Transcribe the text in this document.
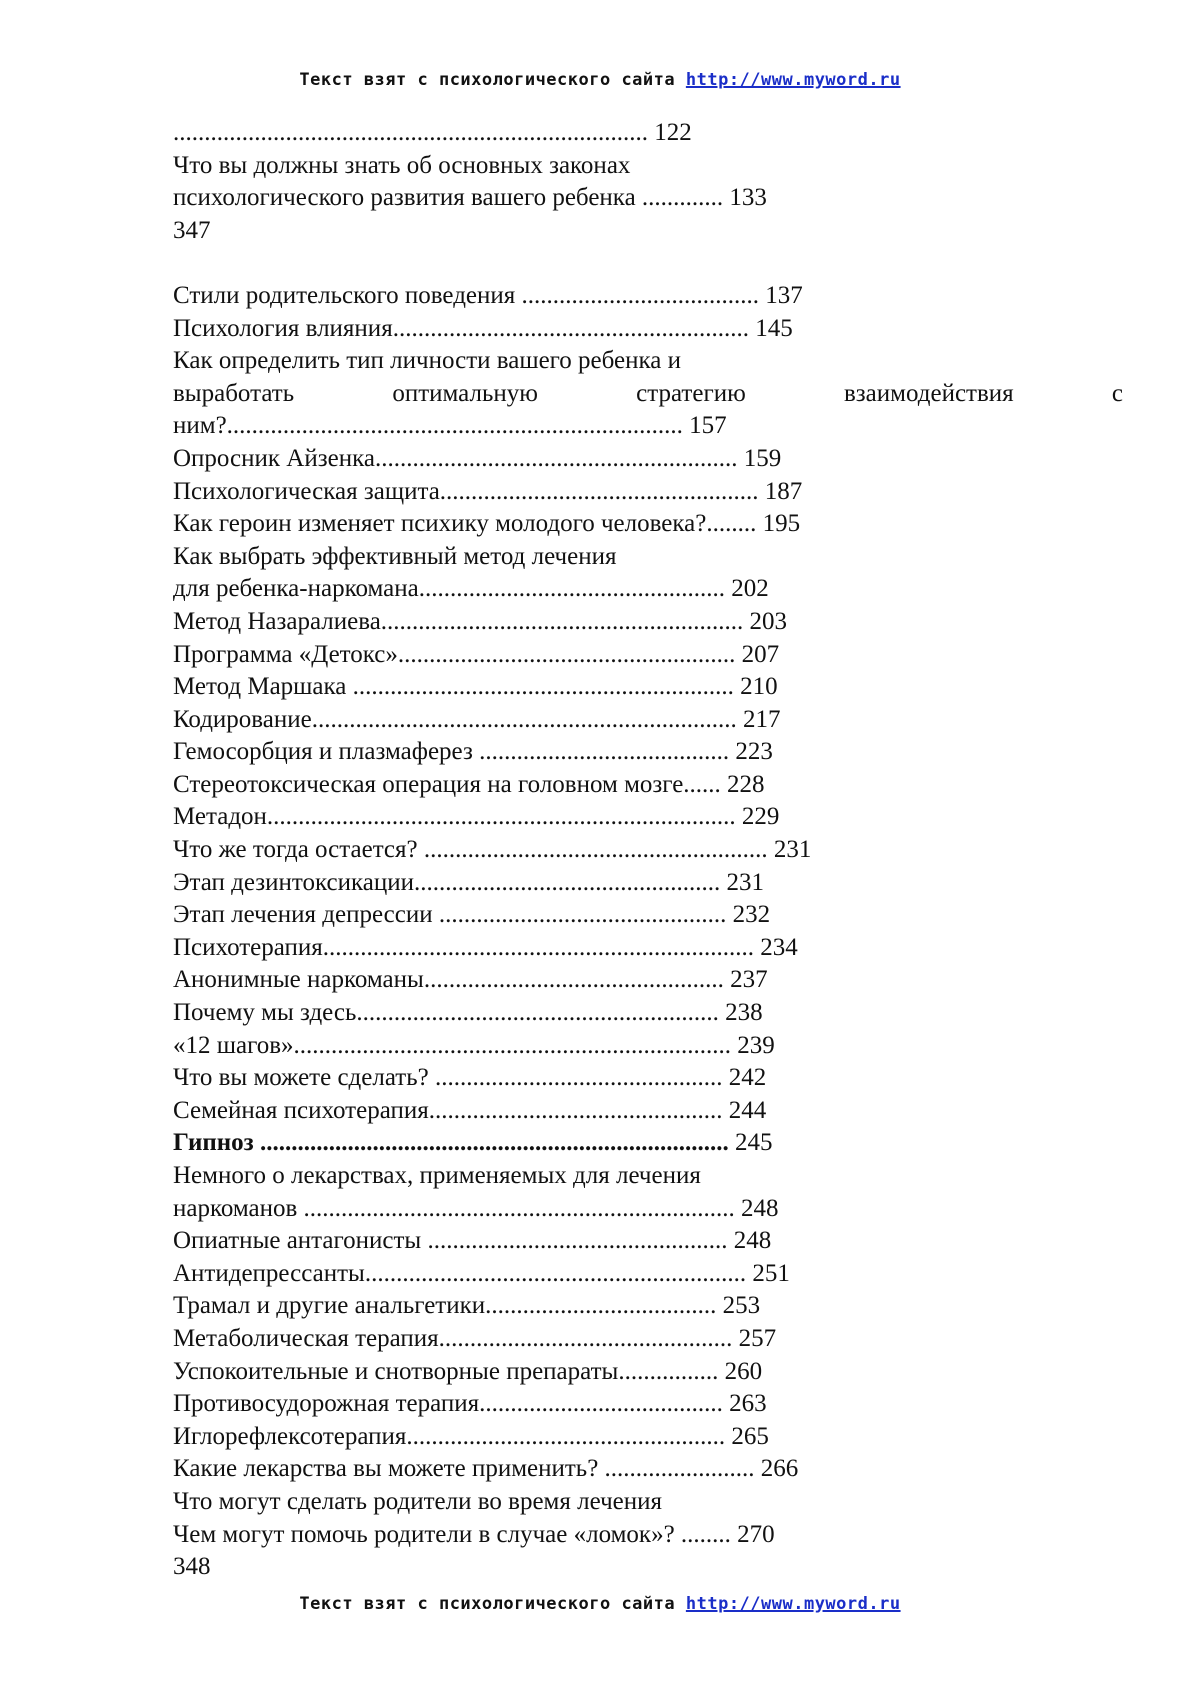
Текст взят с психологического сайта http://www.myword.ru
............................................................................ 122
Что вы должны знать об основных законах
психологического развития вашего ребенка ............. 133
347
Стили родительского поведения ...................................... 137
Психология влияния......................................................... 145
Как определить тип личности вашего ребенка и
выработать	оптимальную	стратегию	взаимодействия	с
ним?......................................................................... 157
Опросник Айзенка.......................................................... 159
Психологическая защита................................................... 187
Как героин изменяет психику молодого человека?........ 195
Как выбрать эффективный метод лечения
для ребенка-наркомана................................................. 202
Метод Назаралиева.......................................................... 203
Программа «Детокс»...................................................... 207
Метод Маршака ............................................................. 210
Кодирование.................................................................... 217
Гемосорбция и плазмаферез ........................................ 223
Стереотоксическая операция на головном мозге...... 228
Метадон........................................................................... 229
Что же тогда остается? ....................................................... 231
Этап дезинтоксикации................................................. 231
Этап лечения депрессии .............................................. 232
Психотерапия..................................................................... 234
Анонимные наркоманы................................................ 237
Почему мы здесь.......................................................... 238
«12 шагов»...................................................................... 239
Что вы можете сделать? .............................................. 242
Семейная психотерапия............................................... 244
Гипноз ........................................................................... 245
Немного о лекарствах, применяемых для лечения
наркоманов ..................................................................... 248
Опиатные антагонисты ................................................ 248
Антидепрессанты............................................................. 251
Трамал и другие анальгетики..................................... 253
Метаболическая терапия............................................... 257
Успокоительные и снотворные препараты................ 260
Противосудорожная терапия....................................... 263
Иглорефлексотерапия................................................... 265
Какие лекарства вы можете применить? ........................ 266
Что могут сделать родители во время лечения
Чем могут помочь родители в случае «ломок»? ........ 270
348
Текст взят с психологического сайта http://www.myword.ru
